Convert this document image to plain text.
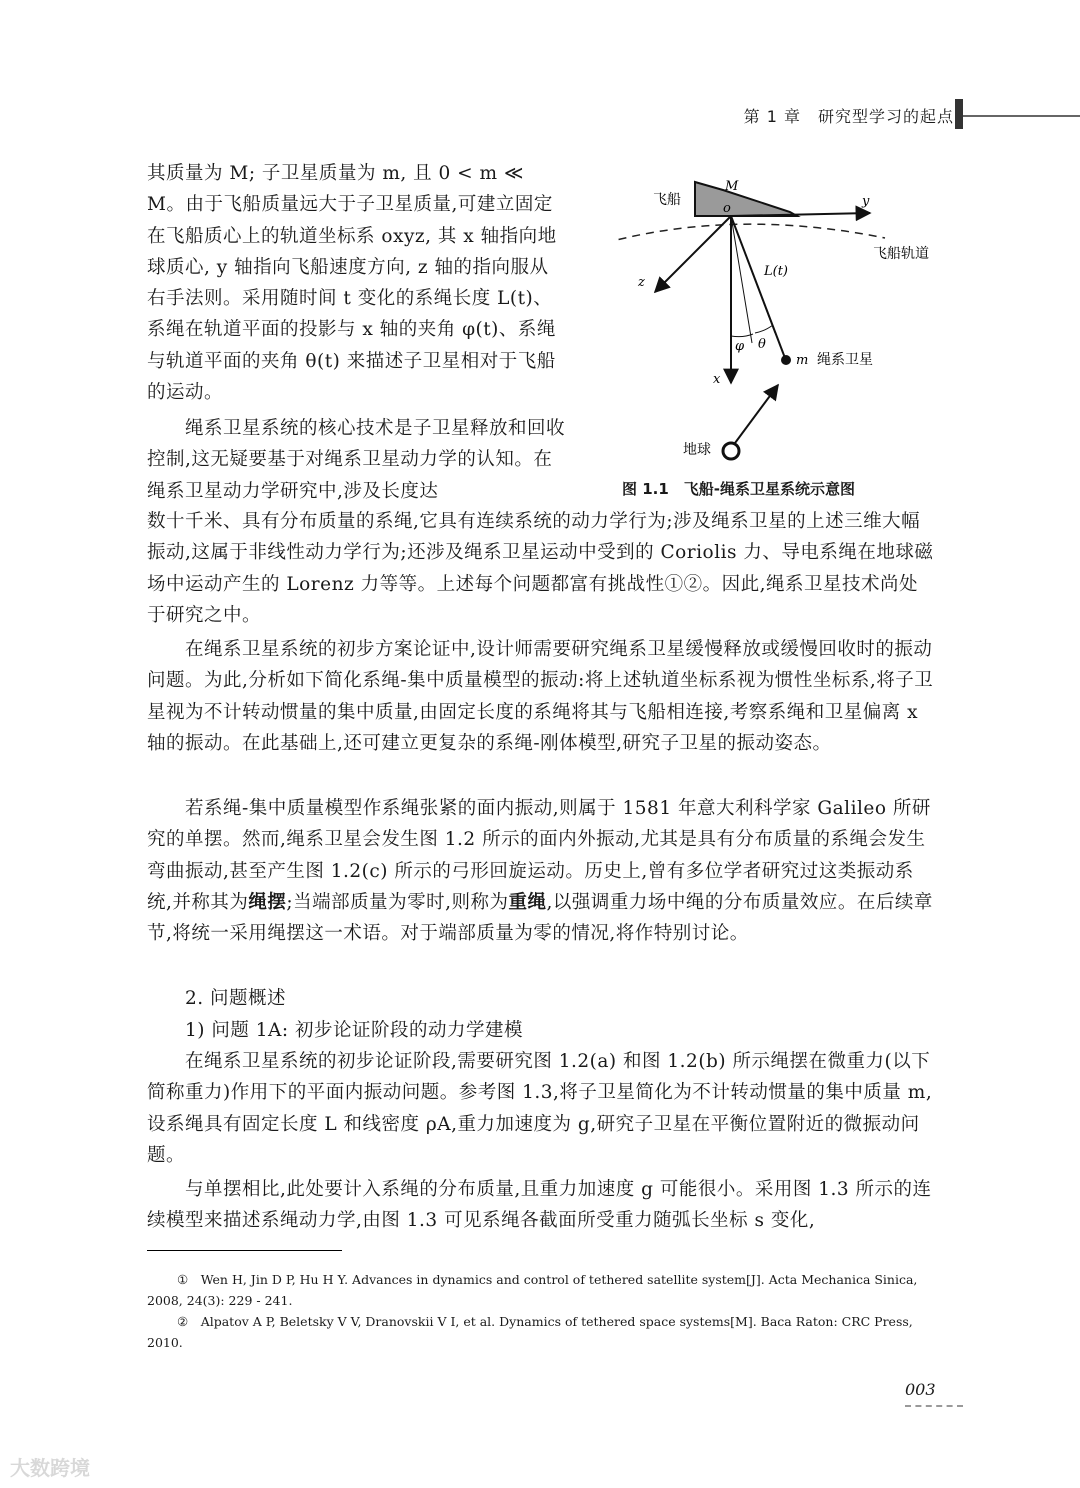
第 1 章　研究型学习的起点

其质量为 M; 子卫星质量为 m, 且 0 < m ≪ M。由于飞船质量远大于子卫星质量,可建立固定在飞船质心上的轨道坐标系 oxyz, 其 x 轴指向地球质心, y 轴指向飞船速度方向, z 轴的指向服从右手法则。采用随时间 t 变化的系绳长度 L(t)、系绳在轨道平面的投影与 x 轴的夹角 φ(t)、系绳与轨道平面的夹角 θ(t) 来描述子卫星相对于飞船的运动。

绳系卫星系统的核心技术是子卫星释放和回收控制,这无疑要基于对绳系卫星动力学的认知。在绳系卫星动力学研究中,涉及长度达

数十千米、具有分布质量的系绳,它具有连续系统的动力学行为;涉及绳系卫星的上述三维大幅振动,这属于非线性动力学行为;还涉及绳系卫星运动中受到的 Coriolis 力、导电系绳在地球磁场中运动产生的 Lorenz 力等等。上述每个问题都富有挑战性①②。因此,绳系卫星技术尚处于研究之中。

在绳系卫星系统的初步方案论证中,设计师需要研究绳系卫星缓慢释放或缓慢回收时的振动问题。为此,分析如下简化系绳-集中质量模型的振动:将上述轨道坐标系视为惯性坐标系,将子卫星视为不计转动惯量的集中质量,由固定长度的系绳将其与飞船相连接,考察系绳和卫星偏离 x 轴的振动。在此基础上,还可建立更复杂的系绳-刚体模型,研究子卫星的振动姿态。

若系绳-集中质量模型作系绳张紧的面内振动,则属于 1581 年意大利科学家 Galileo 所研究的单摆。然而,绳系卫星会发生图 1.2 所示的面内外振动,尤其是具有分布质量的系绳会发生弯曲振动,甚至产生图 1.2(c) 所示的弓形回旋运动。历史上,曾有多位学者研究过这类振动系统,并称其为绳摆;当端部质量为零时,则称为重绳,以强调重力场中绳的分布质量效应。在后续章节,将统一采用绳摆这一术语。对于端部质量为零的情况,将作特别讨论。

2. 问题概述

1) 问题 1A: 初步论证阶段的动力学建模

在绳系卫星系统的初步论证阶段,需要研究图 1.2(a) 和图 1.2(b) 所示绳摆在微重力(以下简称重力)作用下的平面内振动问题。参考图 1.3,将子卫星简化为不计转动惯量的集中质量 m,设系绳具有固定长度 L 和线密度 ρA,重力加速度为 g,研究子卫星在平衡位置附近的微振动问题。

与单摆相比,此处要计入系绳的分布质量,且重力加速度 g 可能很小。采用图 1.3 所示的连续模型来描述系绳动力学,由图 1.3 可见系绳各截面所受重力随弧长坐标 s 变化,

飞船
M
o	y
飞船轨道
z
L(t)
φ θ
m 绳系卫星
x
地球
图 1.1　飞船-绳系卫星系统示意图

①　Wen H, Jin D P, Hu H Y. Advances in dynamics and control of tethered satellite system[J]. Acta Mechanica Sinica, 2008, 24(3): 229 - 241.

②　Alpatov A P, Beletsky V V, Dranovskii V I, et al. Dynamics of tethered space systems[M]. Baca Raton: CRC Press, 2010.

003
大数跨境
